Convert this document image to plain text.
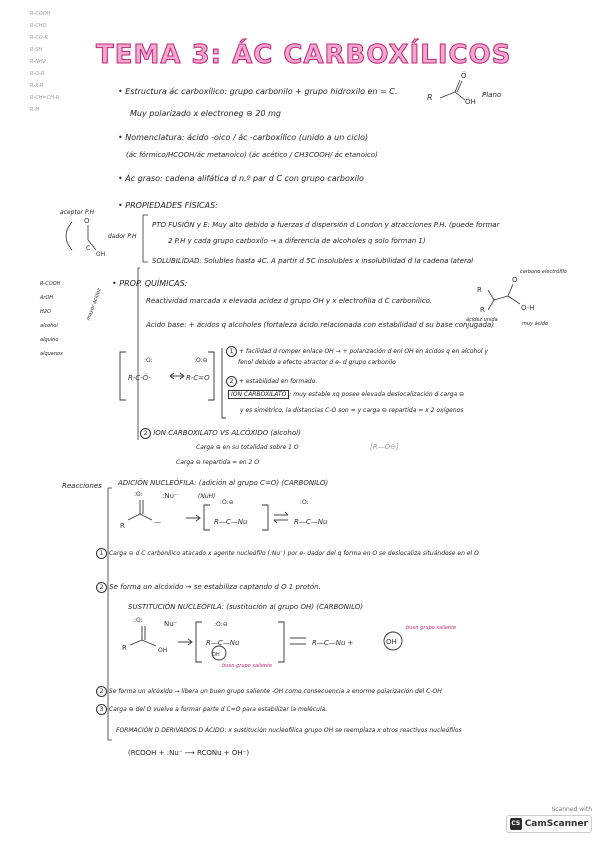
R-COOH
R-CHO
R-CO-R
R-SH
R-NH2
R-O-R
R-X-R
R-CH=CH-R
R-H
TEMA 3: ÁC CARBOXÍLICOS
R
Ö
ÖH
O
C
OH
R-C-Ö-	R-C=O
:O:	:O:⊖
R
R
O
O-H
:O:
R	—
:Nu⁻
R—C—Nu
:O:⊖
R—C—Nu
:O:
:O:
R	OH
Nu⁻
R—C—Nu
OH
:O:⊖
R—C—Nu +	OH
• Estructura ác carboxílico: grupo carbonilo + grupo hidroxilo en = C.	Plano
Muy polarizado x electroneg ⊖ 20 mg
• Nomenclatura: ácido -oico / ác -carboxílico (unido a un ciclo)
(ác fórmico/HCOOH/ác metanoico) (ác acético / CH3COOH/ ác etanoico)
• Ác graso: cadena alifática d n.º par d C con grupo carboxilo
• PROPIEDADES FÍSICAS:
aceptor P.H
dador P.H
PTO FUSIÓN y E: Muy alto debido a fuerzas d dispersión d London y atracciones P.H. (puede formar
2 P.H y cada grupo carboxilo → a diferencia de alcoholes q solo forman 1)
SOLUBILIDAD: Solubles hasta 4C. A partir d 5C insolubles x insolubilidad d la cadena lateral
R-COOH
ArOH
H2O
alcohol
alquino
alquenos
mayor acidez
• PROP. QUÍMICAS:
carbono electrófilo
ácidez unida
muy ácido
Reactividad marcada x elevada acidez d grupo OH y x electrofilia d C carbonílico.
Ácido base: + ácidos q alcoholes (fortaleza ácido relacionada con estabilidad d su base conjugada)
1 + facilidad d romper enlace OH → + polarización d enl OH en ácidos q en alcohol y
fenol debido a efecto atractor d e- d grupo carbonilo
2 + estabilidad en formado.
ION CARBOXILATO : muy estable xq posee elevada deslocalización d carga ⊖
y es simétrico, la distancias C-O son = y carga ⊖ repartida = x 2 oxígenos
2 ION CARBOXILATO VS ALCÓXIDO (alcohol)
Carga ⊖ en su totalidad sobre 1 O
Carga ⊖ repartida = en 2 O
[R—Ö⊖]
Reacciones ADICIÓN NUCLEÓFILA: (adición al grupo C=O) (CARBONILO)
(NuH)
1 Carga ⊖ d C carbonílico atacado x agente nucleófilo (:Nu⁻) por e- dador del q forma en O se deslocaliza situándose en el O
2 Se forma un alcóxido → se estabiliza captando d O 1 protón.
SUSTITUCIÓN NUCLEÓFILA: (sustitución al grupo OH) (CARBONILO)
buen grupo saliente
buen grupo saliente
2 Se forma un alcóxido → libera un buen grupo saliente -OH como consecuencia a enorme polarización del C-OH
3 Carga ⊖ del O vuelve a formar parte d C=O para estabilizar la molécula.
FORMACIÓN D DERIVADOS D ÁCIDO: x sustitución nucleofílica grupo OH se reemplaza x otros reactivos nucleófilos
(RCOOH + :Nu⁻ ⟶ RCONu + OH⁻)
Scanned with
CS CamScanner
